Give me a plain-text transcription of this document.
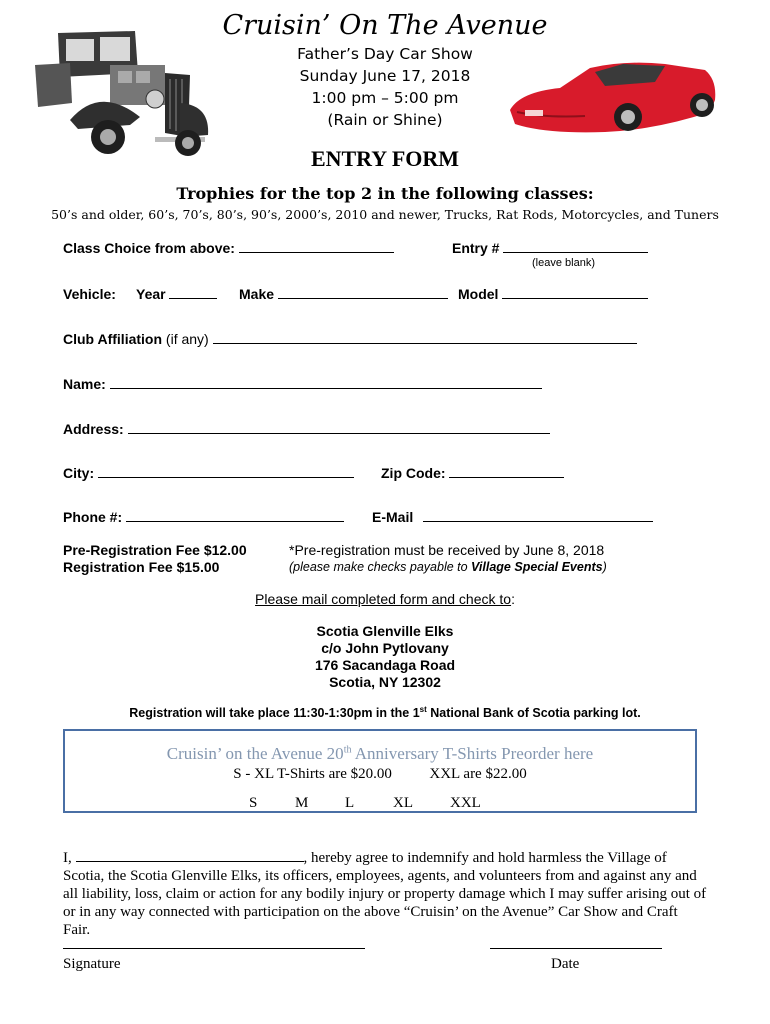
Cruisin’ On The Avenue
Father’s Day Car Show
Sunday June 17, 2018
1:00 pm – 5:00 pm
(Rain or Shine)
ENTRY FORM
Trophies for the top 2 in the following classes:
50’s and older, 60’s, 70’s, 80’s, 90’s, 2000’s, 2010 and newer, Trucks, Rat Rods, Motorcycles, and Tuners
Class Choice from above:	Entry #
(leave blank)
Vehicle: Year	Make	Model
Club Affiliation (if any)
Name:
Address:
City:	Zip Code:
Phone #:	E-Mail
Pre-Registration Fee $12.00
Registration Fee $15.00
*Pre-registration must be received by June 8, 2018
(please make checks payable to Village Special Events)
Please mail completed form and check to:
Scotia Glenville Elks
c/o John Pytlovany
176 Sacandaga Road
Scotia, NY 12302
Registration will take place 11:30-1:30pm in the 1st National Bank of Scotia parking lot.
Cruisin’ on the Avenue 20th Anniversary T-Shirts Preorder here
S - XL T-Shirts are $20.00          XXL are $22.00
S	M L	XL XXL
I,	, hereby agree to indemnify and hold harmless the Village of Scotia, the Scotia Glenville Elks, its officers, employees, agents, and volunteers from and against any and all liability, loss, claim or action for any bodily injury or property damage which I may suffer arising out of or in any way connected with participation on the above “Cruisin’ on the Avenue” Car Show and Craft Fair.
Signature	Date
